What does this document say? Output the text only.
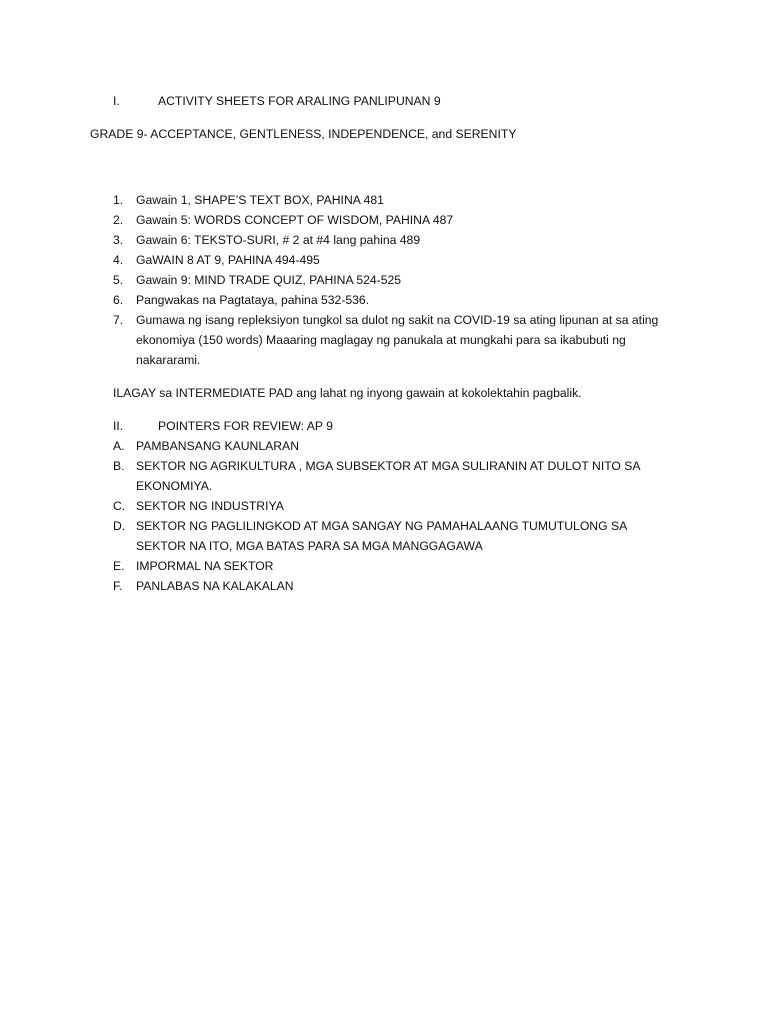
I.	ACTIVITY SHEETS FOR ARALING PANLIPUNAN 9
GRADE 9- ACCEPTANCE, GENTLENESS, INDEPENDENCE, and SERENITY
1. Gawain 1, SHAPE’S TEXT BOX, PAHINA 481
2. Gawain 5: WORDS CONCEPT OF WISDOM, PAHINA 487
3. Gawain 6: TEKSTO-SURI, # 2 at #4 lang pahina 489
4. GaWAIN 8 AT 9, PAHINA 494-495
5. Gawain 9: MIND TRADE QUIZ, PAHINA 524-525
6. Pangwakas na Pagtataya, pahina 532-536.
7. Gumawa ng isang repleksiyon tungkol sa dulot ng sakit na COVID-19 sa ating lipunan at sa ating ekonomiya (150 words) Maaaring maglagay ng panukala at mungkahi para sa ikabubuti ng nakararami.
ILAGAY sa INTERMEDIATE PAD ang lahat ng inyong gawain at kokolektahin pagbalik.
II.	POINTERS FOR REVIEW: AP 9
A. PAMBANSANG KAUNLARAN
B. SEKTOR NG AGRIKULTURA , MGA SUBSEKTOR AT MGA SULIRANIN AT DULOT NITO SA EKONOMIYA.
C. SEKTOR NG INDUSTRIYA
D. SEKTOR NG PAGLILINGKOD AT MGA SANGAY NG PAMAHALAANG TUMUTULONG SA SEKTOR NA ITO, MGA BATAS PARA SA MGA MANGGAGAWA
E. IMPORMAL NA SEKTOR
F. PANLABAS NA KALAKALAN
